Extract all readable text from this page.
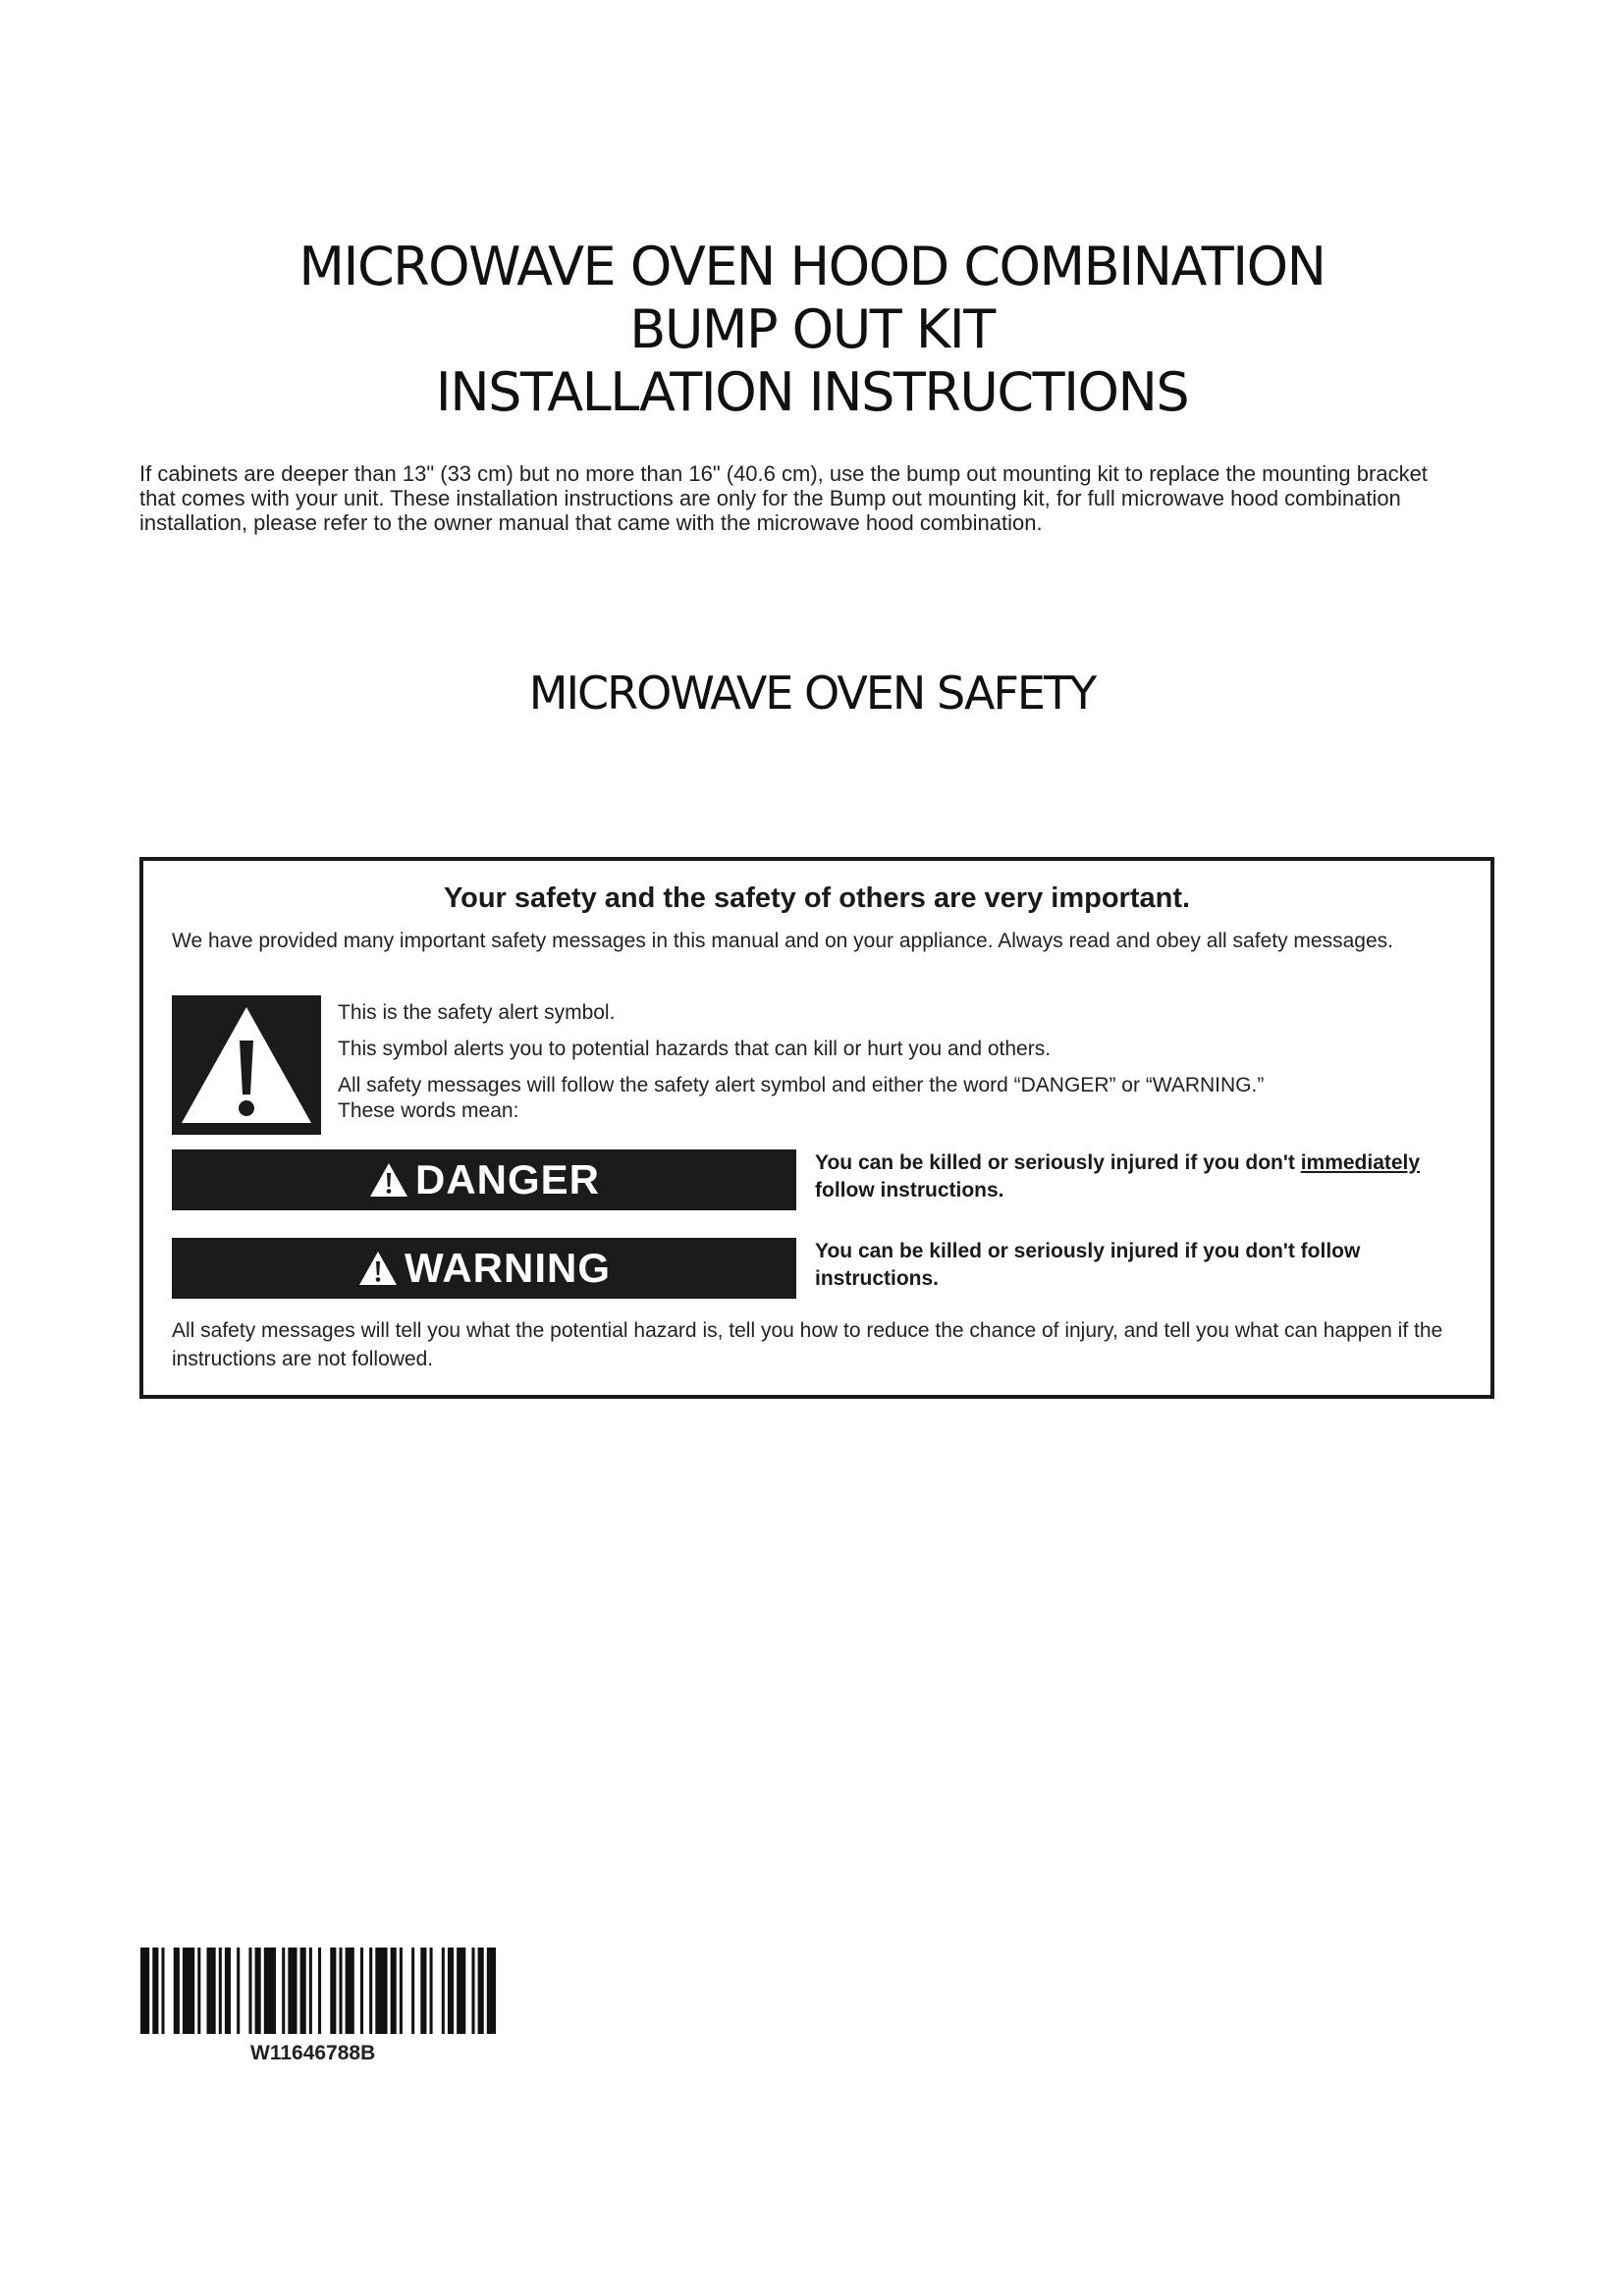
MICROWAVE OVEN HOOD COMBINATION
BUMP OUT KIT
INSTALLATION INSTRUCTIONS

If cabinets are deeper than 13" (33 cm) but no more than 16" (40.6 cm), use the bump out mounting kit to replace the mounting bracket that comes with your unit. These installation instructions are only for the Bump out mounting kit, for full microwave hood combination installation, please refer to the owner manual that came with the microwave hood combination.

MICROWAVE OVEN SAFETY
Your safety and the safety of others are very important.

We have provided many important safety messages in this manual and on your appliance. Always read and obey all safety messages.

This is the safety alert symbol.
This symbol alerts you to potential hazards that can kill or hurt you and others.
All safety messages will follow the safety alert symbol and either the word “DANGER” or “WARNING.”
These words mean:
DANGER	You can be killed or seriously injured if you don't immediately follow instructions.

WARNING	You can be killed or seriously injured if you don't follow instructions.

All safety messages will tell you what the potential hazard is, tell you how to reduce the chance of injury, and tell you what can happen if the instructions are not followed.

W11646788B
